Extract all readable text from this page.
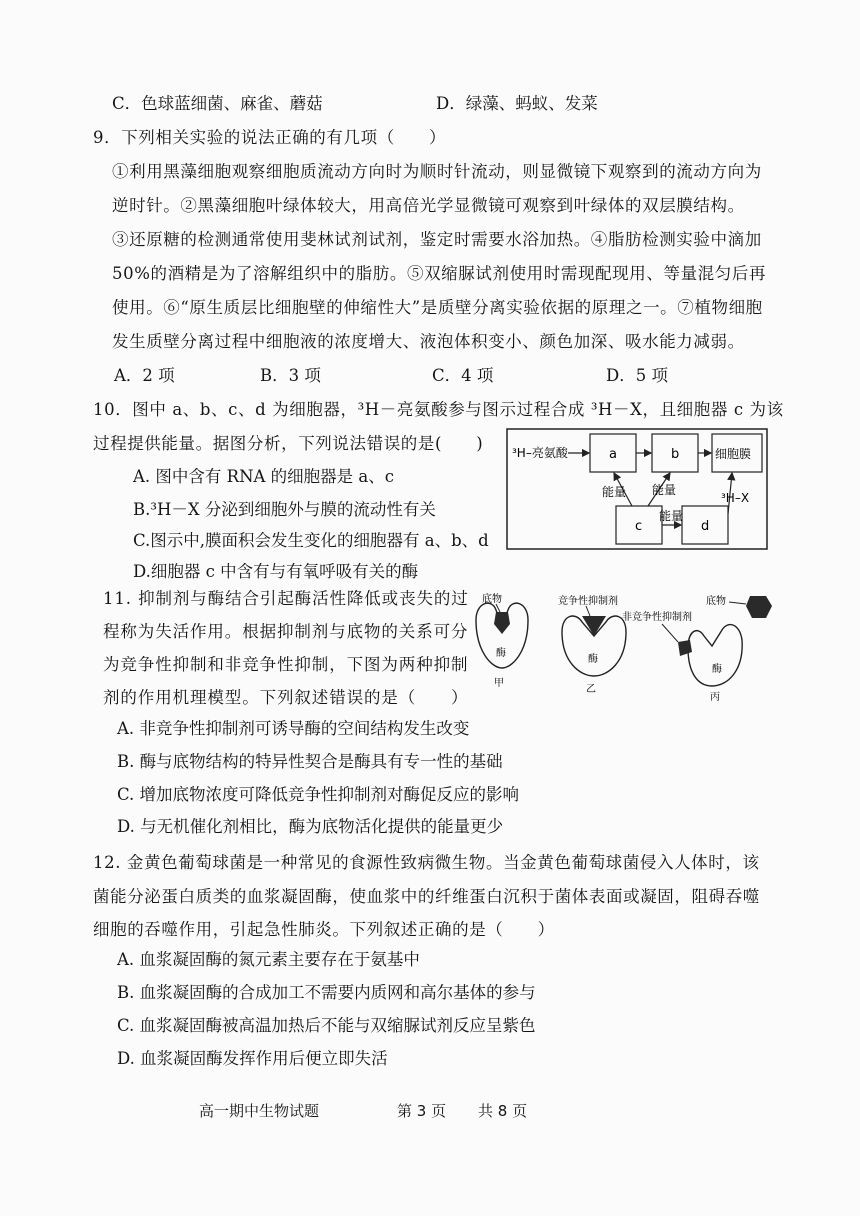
C．色球蓝细菌、麻雀、蘑菇	D．绿藻、蚂蚁、发菜
9．下列相关实验的说法正确的有几项（　　）
①利用黑藻细胞观察细胞质流动方向时为顺时针流动，则显微镜下观察到的流动方向为
逆时针。②黑藻细胞叶绿体较大，用高倍光学显微镜可观察到叶绿体的双层膜结构。
③还原糖的检测通常使用斐林试剂试剂，鉴定时需要水浴加热。④脂肪检测实验中滴加
50%的酒精是为了溶解组织中的脂肪。⑤双缩脲试剂使用时需现配现用、等量混匀后再
使用。⑥“原生质层比细胞壁的伸缩性大”是质壁分离实验依据的原理之一。⑦植物细胞
发生质壁分离过程中细胞液的浓度增大、液泡体积变小、颜色加深、吸水能力减弱。
A．2 项	B．3 项	C．4 项	D．5 项
10．图中 a、b、c、d 为细胞器，³H－亮氨酸参与图示过程合成 ³H－X，且细胞器 c 为该
过程提供能量。据图分析，下列说法错误的是(　　)
A. 图中含有 RNA 的细胞器是 a、c
B.³H－X 分泌到细胞外与膜的流动性有关
C.图示中,膜面积会发生变化的细胞器有 a、b、d
D.细胞器 c 中含有与有氧呼吸有关的酶
³H–亮氨酸	a	b	细胞膜
c	d
能量 能量
能量
³H–X
11. 抑制剂与酶结合引起酶活性降低或丧失的过
程称为失活作用。根据抑制剂与底物的关系可分
为竞争性抑制和非竞争性抑制，下图为两种抑制
剂的作用机理模型。下列叙述错误的是（　　）
A. 非竞争性抑制剂可诱导酶的空间结构发生改变
B. 酶与底物结构的特异性契合是酶具有专一性的基础
C. 增加底物浓度可降低竞争性抑制剂对酶促反应的影响
D. 与无机催化剂相比，酶为底物活化提供的能量更少
底物
酶
甲
竞争性抑制剂
酶
乙
非竞争性抑制剂
底物
酶
丙
12. 金黄色葡萄球菌是一种常见的食源性致病微生物。当金黄色葡萄球菌侵入人体时，该
菌能分泌蛋白质类的血浆凝固酶，使血浆中的纤维蛋白沉积于菌体表面或凝固，阻碍吞噬
细胞的吞噬作用，引起急性肺炎。下列叙述正确的是（　　）
A. 血浆凝固酶的氮元素主要存在于氨基中
B. 血浆凝固酶的合成加工不需要内质网和高尔基体的参与
C. 血浆凝固酶被高温加热后不能与双缩脲试剂反应呈紫色
D. 血浆凝固酶发挥作用后便立即失活
高一期中生物试题	第 3 页 共 8 页
